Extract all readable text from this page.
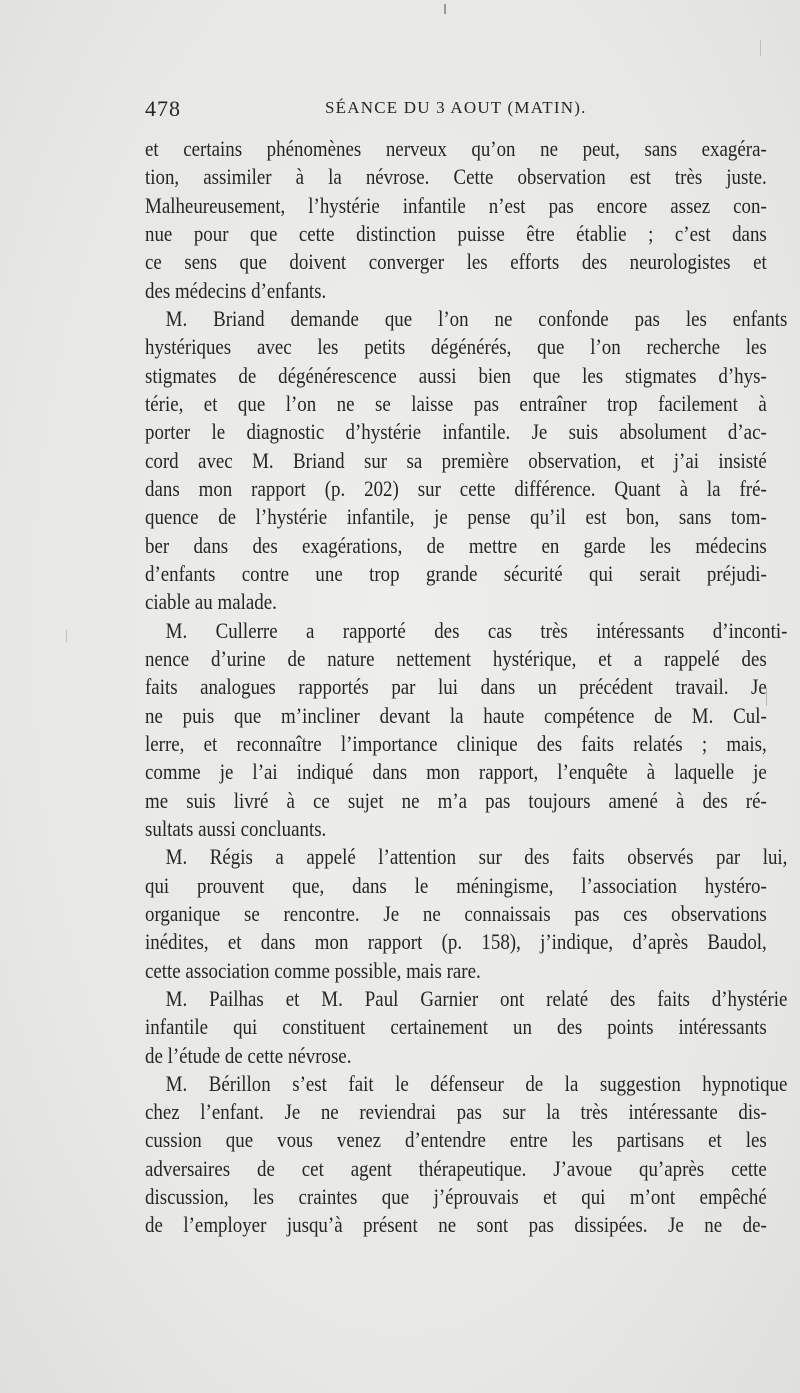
478	SÉANCE DU 3 AOUT (MATIN).
et certains phénomènes nerveux qu’on ne peut, sans exagéra-
tion, assimiler à la névrose. Cette observation est très juste.
Malheureusement, l’hystérie infantile n’est pas encore assez con-
nue pour que cette distinction puisse être établie ; c’est dans
ce sens que doivent converger les efforts des neurologistes et
des médecins d’enfants.
M. Briand demande que l’on ne confonde pas les enfants
hystériques avec les petits dégénérés, que l’on recherche les
stigmates de dégénérescence aussi bien que les stigmates d’hys-
térie, et que l’on ne se laisse pas entraîner trop facilement à
porter le diagnostic d’hystérie infantile. Je suis absolument d’ac-
cord avec M. Briand sur sa première observation, et j’ai insisté
dans mon rapport (p. 202) sur cette différence. Quant à la fré-
quence de l’hystérie infantile, je pense qu’il est bon, sans tom-
ber dans des exagérations, de mettre en garde les médecins
d’enfants contre une trop grande sécurité qui serait préjudi-
ciable au malade.
M. Cullerre a rapporté des cas très intéressants d’inconti-
nence d’urine de nature nettement hystérique, et a rappelé des
faits analogues rapportés par lui dans un précédent travail. Je
ne puis que m’incliner devant la haute compétence de M. Cul-
lerre, et reconnaître l’importance clinique des faits relatés ; mais,
comme je l’ai indiqué dans mon rapport, l’enquête à laquelle je
me suis livré à ce sujet ne m’a pas toujours amené à des ré-
sultats aussi concluants.
M. Régis a appelé l’attention sur des faits observés par lui,
qui prouvent que, dans le méningisme, l’association hystéro-
organique se rencontre. Je ne connaissais pas ces observations
inédites, et dans mon rapport (p. 158), j’indique, d’après Baudol,
cette association comme possible, mais rare.
M. Pailhas et M. Paul Garnier ont relaté des faits d’hystérie
infantile qui constituent certainement un des points intéressants
de l’étude de cette névrose.
M. Bérillon s’est fait le défenseur de la suggestion hypnotique
chez l’enfant. Je ne reviendrai pas sur la très intéressante dis-
cussion que vous venez d’entendre entre les partisans et les
adversaires de cet agent thérapeutique. J’avoue qu’après cette
discussion, les craintes que j’éprouvais et qui m’ont empêché
de l’employer jusqu’à présent ne sont pas dissipées. Je ne de-
